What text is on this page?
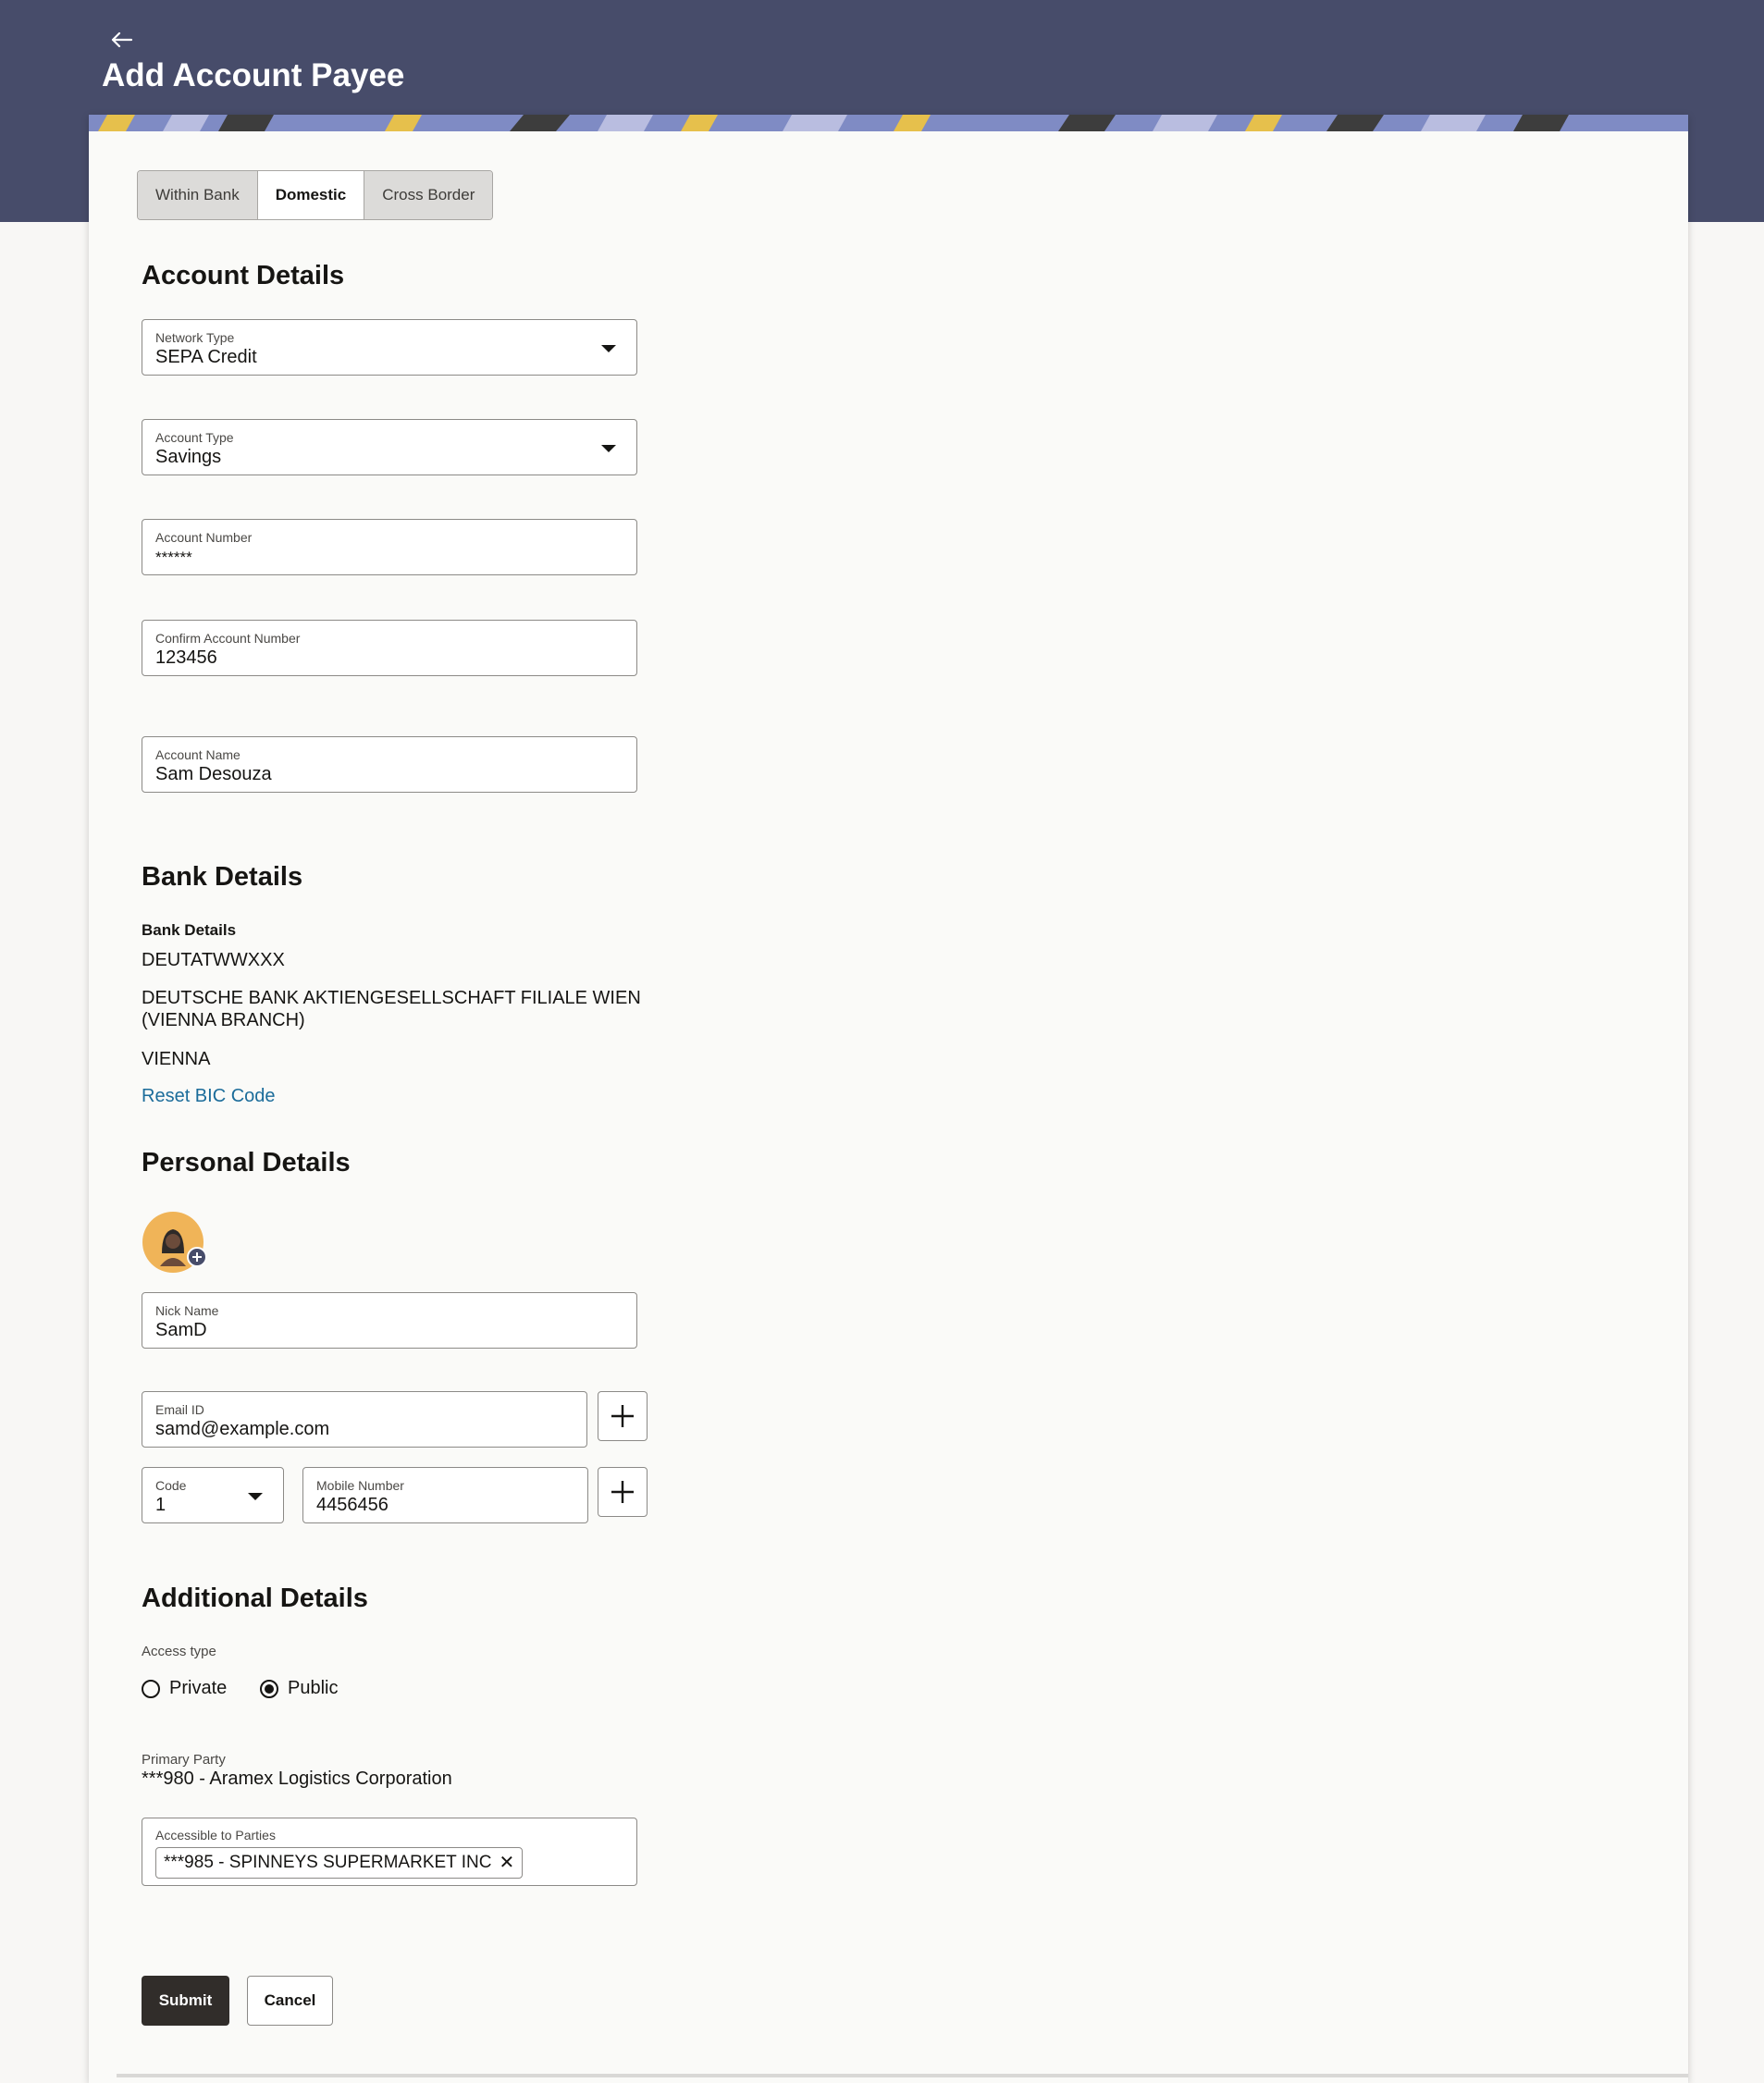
Add Account Payee
Within Bank	Domestic	Cross Border
Account Details
Network Type
SEPA Credit
Account Type
Savings
Account Number
******
Confirm Account Number
123456
Account Name
Sam Desouza
Bank Details
Bank Details
DEUTATWWXXX
DEUTSCHE BANK AKTIENGESELLSCHAFT FILIALE WIEN
(VIENNA BRANCH)
VIENNA
Reset BIC Code
Personal Details
Nick Name
SamD
Email ID
samd@example.com
Code
1
Mobile Number
4456456
Additional Details
Access type
Private	Public
Primary Party
***980 - Aramex Logistics Corporation
Accessible to Parties
***985 - SPINNEYS SUPERMARKET INC ✕
Submit	Cancel
